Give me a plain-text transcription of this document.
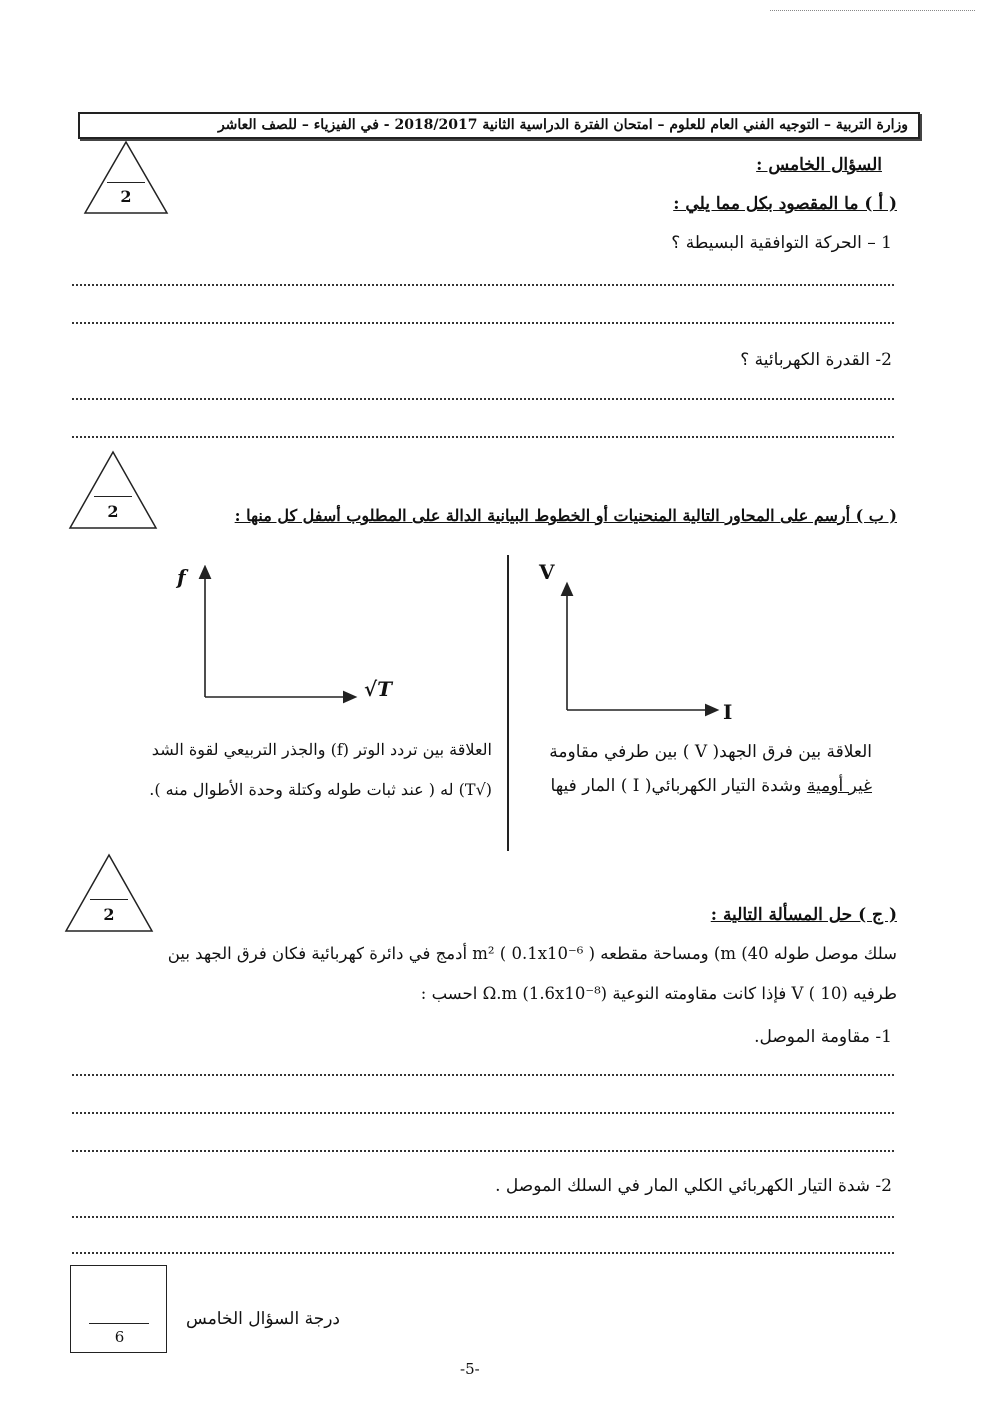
وزارة التربية – التوجيه الفني العام للعلوم – امتحان الفترة الدراسية الثانية 2018/2017 - في الفيزياء – للصف العاشر
السؤال الخامس :
2	( أ ) ما المقصود بكل مما يلي :
1 – الحركة التوافقية البسيطة ؟
2- القدرة الكهربائية ؟
2	( ب ) أرسم على المحاور التالية المنحنيات أو الخطوط البيانية الدالة على المطلوب أسفل كل منها :
V
I
العلاقة بين فرق الجهد( V ) بين طرفي مقاومة
غير أومية وشدة التيار الكهربائي( I ) المار فيها
f
√T
العلاقة بين تردد الوتر (f) والجذر التربيعي لقوة الشد
(√T) له ( عند ثبات طوله وكتلة وحدة الأطوال منه ).
2	( ج ) حل المسألة التالية :
سلك موصل طوله 40) m) ومساحة مقطعه m² ( 0.1x10⁻⁶ ) أدمج في دائرة كهربائية فكان فرق الجهد بين
طرفيه V ( 10) فإذا كانت مقاومته النوعية Ω.m (1.6x10⁻⁸) احسب :
1- مقاومة الموصل.
2- شدة التيار الكهربائي الكلي المار في السلك الموصل .
6
درجة السؤال الخامس
-5-
